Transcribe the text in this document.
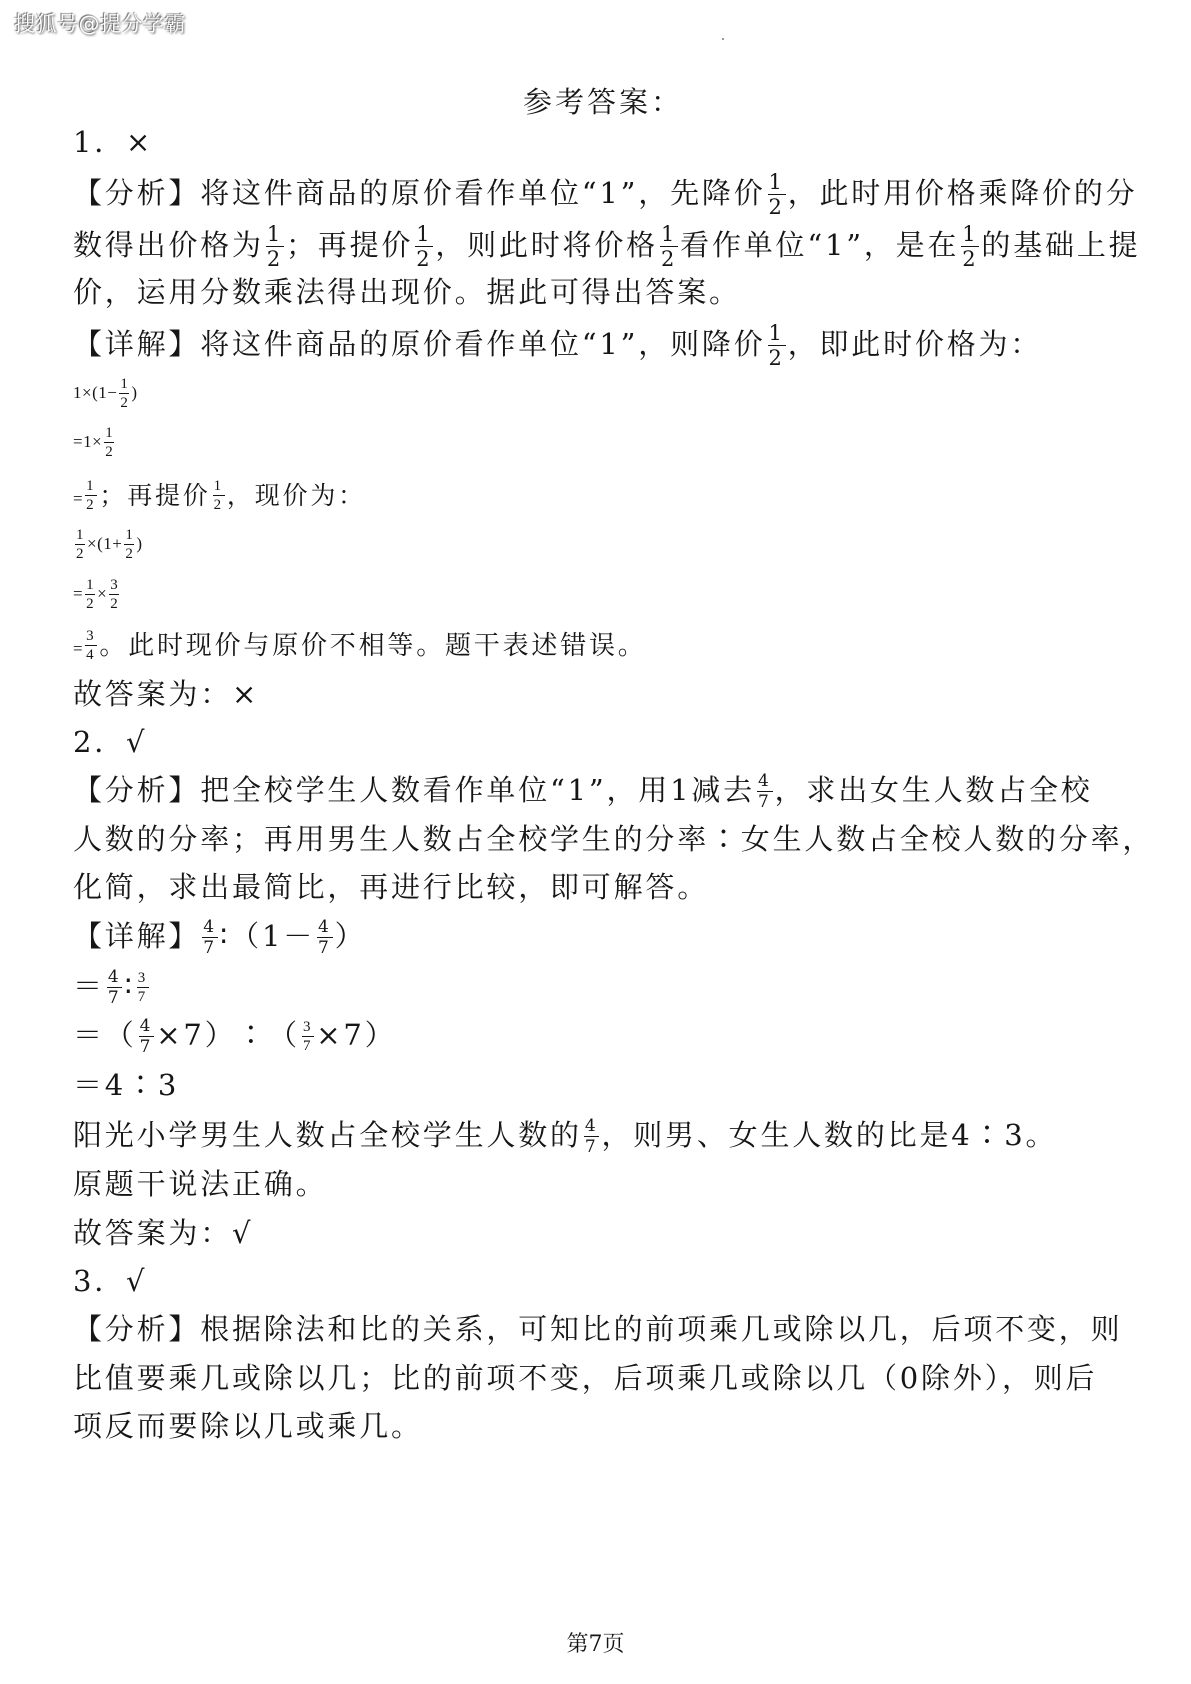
搜狐号@提分学霸
参考答案：
1．×
【分析】将这件商品的原价看作单位“1”，先降价 $\frac{1}{2}$ ，此时用价格乘降价的分
数得出价格为 $\frac{1}{2}$ ；再提价 $\frac{1}{2}$ ，则此时将价格 $\frac{1}{2}$ 看作单位“1”，是在 $\frac{1}{2}$ 的基础上提
价，运用分数乘法得出现价。据此可得出答案。
【详解】将这件商品的原价看作单位“1”，则降价 $\frac{1}{2}$ ，即此时价格为：
$1\times(1- \frac{1}{2}$ )
$=1\times \frac{1}{2}$
= $\frac{1}{2}$ ；再提价 $\frac{1}{2}$ ，现价为：
$\frac{1}{2} \times(1+ \frac{1}{2}$ )
= $\frac{1}{2} \times \frac{3}{2}$
= $\frac{3}{4}$ 。此时现价与原价不相等。题干表述错误。
故答案为：×
2．√
【分析】把全校学生人数看作单位“1”，用1减去 $\frac{4}{7}$ ，求出女生人数占全校
人数的分率；再用男生人数占全校学生的分率∶女生人数占全校人数的分率，
化简，求出最简比，再进行比较，即可解答。
【详解】 $\frac{4}{7}$ ∶（1－ $\frac{4}{7}$ ）
＝ $\frac{4}{7}$ ∶ $\frac{3}{7}$
＝（ $\frac{4}{7}$ ×7）∶（ $\frac{3}{7} \times 7$）
＝4∶3
阳光小学男生人数占全校学生人数的 $\frac{4}{7}$ ，则男、女生人数的比是4∶3。
原题干说法正确。
故答案为：√
3．√
【分析】根据除法和比的关系，可知比的前项乘几或除以几，后项不变，则
比值要乘几或除以几；比的前项不变，后项乘几或除以几（0除外），则后
项反而要除以几或乘几。
第7页
